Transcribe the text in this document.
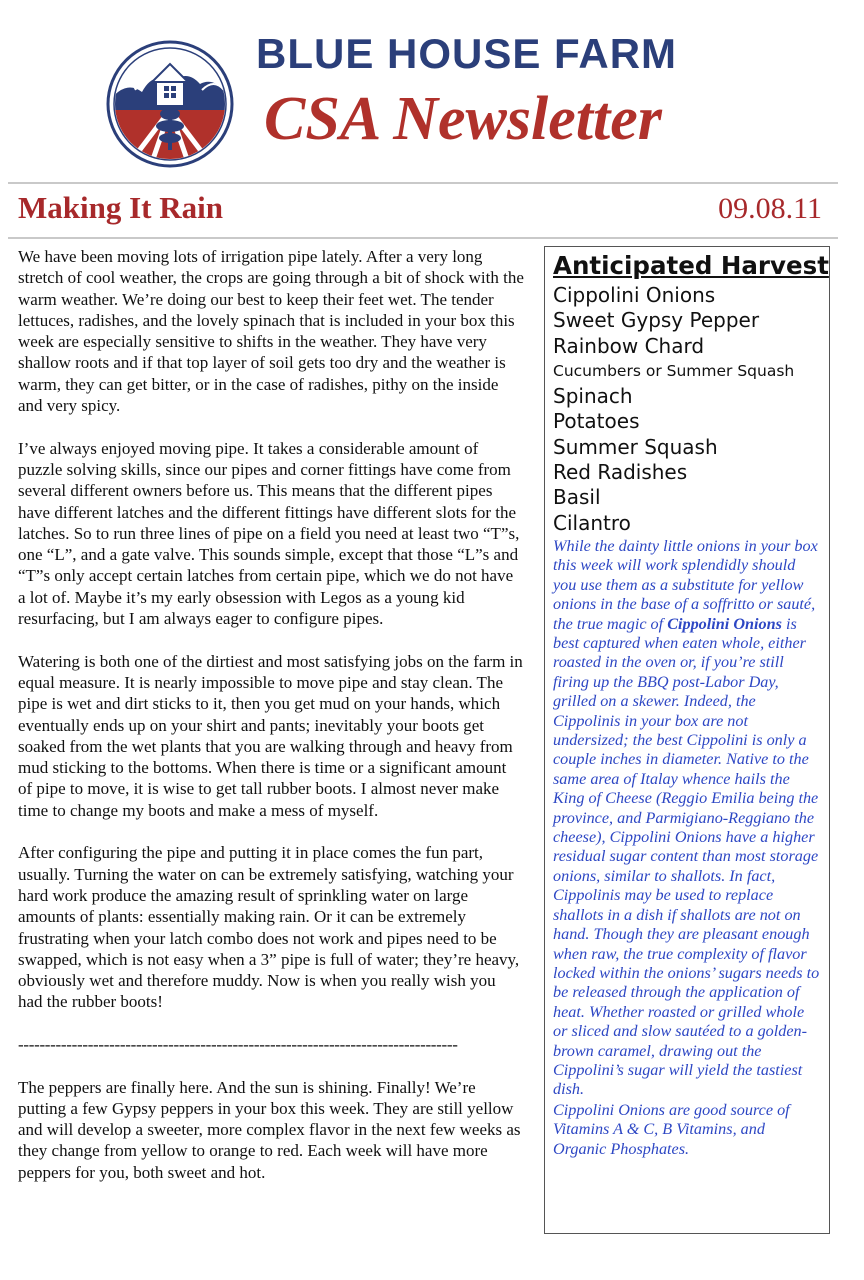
BLUE HOUSE FARM
CSA Newsletter
Making It Rain	09.08.11

We have been moving lots of irrigation pipe lately. After a very long stretch of cool weather, the crops are going through a bit of shock with the warm weather. We’re doing our best to keep their feet wet. The tender lettuces, radishes, and the lovely spinach that is included in your box this week are especially sensitive to shifts in the weather. They have very shallow roots and if that top layer of soil gets too dry and the weather is warm, they can get bitter, or in the case of radishes, pithy on the inside and very spicy.

I’ve always enjoyed moving pipe. It takes a considerable amount of puzzle solving skills, since our pipes and corner fittings have come from several different owners before us. This means that the different pipes have different latches and the different fittings have different slots for the latches. So to run three lines of pipe on a field you need at least two “T”s, one “L”, and a gate valve. This sounds simple, except that those “L”s and “T”s only accept certain latches from certain pipe, which we do not have a lot of. Maybe it’s my early obsession with Legos as a young kid resurfacing, but I am always eager to configure pipes.

Watering is both one of the dirtiest and most satisfying jobs on the farm in equal measure. It is nearly impossible to move pipe and stay clean. The pipe is wet and dirt sticks to it, then you get mud on your hands, which eventually ends up on your shirt and pants; inevitably your boots get soaked from the wet plants that you are walking through and heavy from mud sticking to the bottoms. When there is time or a significant amount of pipe to move, it is wise to get tall rubber boots. I almost never make time to change my boots and make a mess of myself.

After configuring the pipe and putting it in place comes the fun part, usually. Turning the water on can be extremely satisfying, watching your hard work produce the amazing result of sprinkling water on large amounts of plants: essentially making rain. Or it can be extremely frustrating when your latch combo does not work and pipes need to be swapped, which is not easy when a 3” pipe is full of water; they’re heavy, obviously wet and therefore muddy. Now is when you really wish you had the rubber boots!

----------------------------------------------------------------------------------

The peppers are finally here. And the sun is shining. Finally! We’re putting a few Gypsy peppers in your box this week. They are still yellow and will develop a sweeter, more complex flavor in the next few weeks as they change from yellow to orange to red. Each week will have more peppers for you, both sweet and hot.

Anticipated Harvest
Cippolini Onions
Sweet Gypsy Pepper
Rainbow Chard
Cucumbers or Summer Squash
Spinach
Potatoes
Summer Squash
Red Radishes
Basil
Cilantro

While the dainty little onions in your box this week will work splendidly should you use them as a substitute for yellow onions in the base of a soffritto or sauté, the true magic of Cippolini Onions is best captured when eaten whole, either roasted in the oven or, if you’re still firing up the BBQ post-Labor Day, grilled on a skewer. Indeed, the Cippolinis in your box are not undersized; the best Cippolini is only a couple inches in diameter. Native to the same area of Italay whence hails the King of Cheese (Reggio Emilia being the province, and Parmigiano-Reggiano the cheese), Cippolini Onions have a higher residual sugar content than most storage onions, similar to shallots. In fact, Cippolinis may be used to replace shallots in a dish if shallots are not on hand. Though they are pleasant enough when raw, the true complexity of flavor locked within the onions’ sugars needs to be released through the application of heat. Whether roasted or grilled whole or sliced and slow sautéed to a golden-brown caramel, drawing out the Cippolini’s sugar will yield the tastiest dish.

Cippolini Onions are good source of Vitamins A & C, B Vitamins, and Organic Phosphates.
